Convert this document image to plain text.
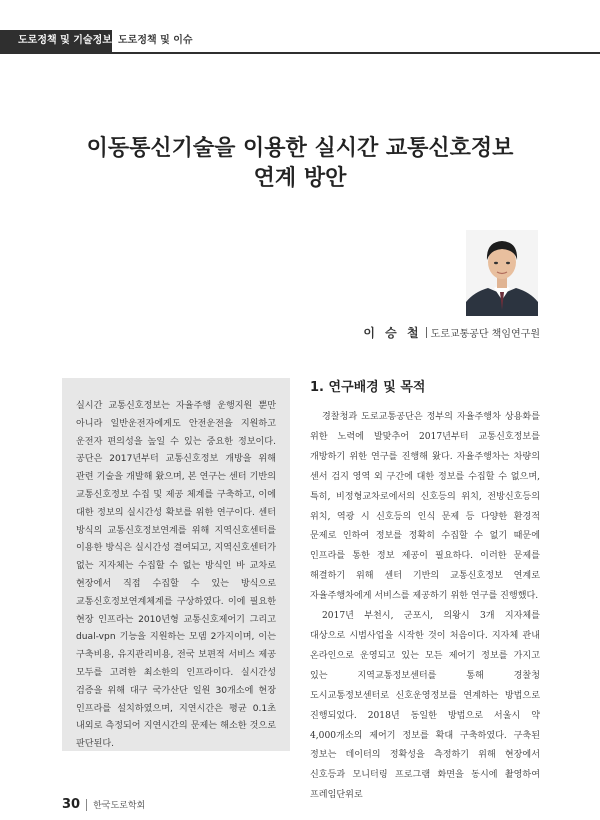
도로정책 및 기술정보 도로정책 및 이슈
이동통신기술을 이용한 실시간 교통신호정보
연계 방안
이 승 철 도로교통공단 책임연구원

실시간 교통신호정보는 자율주행 운행지원 뿐만 아니라 일반운전자에게도 안전운전을 지원하고 운전자 편의성을 높일 수 있는 중요한 정보이다. 공단은 2017년부터 교통신호정보 개방을 위해 관련 기술을 개발해 왔으며, 본 연구는 센터 기반의 교통신호정보 수집 및 제공 체계를 구축하고, 이에 대한 정보의 실시간성 확보를 위한 연구이다. 센터 방식의 교통신호정보연계를 위해 지역신호센터를 이용한 방식은 실시간성 결여되고, 지역신호센터가 없는 지자체는 수집할 수 없는 방식인 바 교차로 현장에서 직접 수집할 수 있는 방식으로 교통신호정보연계체계를 구상하였다. 이에 필요한 현장 인프라는 2010년형 교통신호제어기 그리고 dual-vpn 기능을 지원하는 모뎀 2가지이며, 이는 구축비용, 유지관리비용, 전국 보편적 서비스 제공 모두를 고려한 최소한의 인프라이다. 실시간성 검증을 위해 대구 국가산단 일원 30개소에 현장 인프라를 설치하였으며, 지연시간은 평균 0.1초 내외로 측정되어 지연시간의 문제는 해소한 것으로 판단된다.

1. 연구배경 및 목적

경찰청과 도로교통공단은 정부의 자율주행차 상용화를 위한 노력에 발맞추어 2017년부터 교통신호정보를 개방하기 위한 연구를 진행해 왔다. 자율주행차는 차량의 센서 검지 영역 외 구간에 대한 정보를 수집할 수 없으며, 특히, 비정형교차로에서의 신호등의 위치, 전방신호등의 위치, 역광 시 신호등의 인식 문제 등 다양한 환경적 문제로 인하여 정보를 정확히 수집할 수 없기 때문에 인프라를 통한 정보 제공이 필요하다. 이러한 문제를 해결하기 위해 센터 기반의 교통신호정보 연계로 자율주행차에게 서비스를 제공하기 위한 연구를 진행했다.

2017년 부천시, 군포시, 의왕시 3개 지자체를 대상으로 시범사업을 시작한 것이 처음이다. 지자체 관내 온라인으로 운영되고 있는 모든 제어기 정보를 가지고 있는 지역교통정보센터를 통해 경찰청 도시교통정보센터로 신호운영정보를 연계하는 방법으로 진행되었다. 2018년 동일한 방법으로 서울시 약 4,000개소의 제어기 정보를 확대 구축하였다. 구축된 정보는 데이터의 정확성을 측정하기 위해 현장에서 신호등과 모니터링 프로그램 화면을 동시에 촬영하여 프레임단위로

30 한국도로학회
